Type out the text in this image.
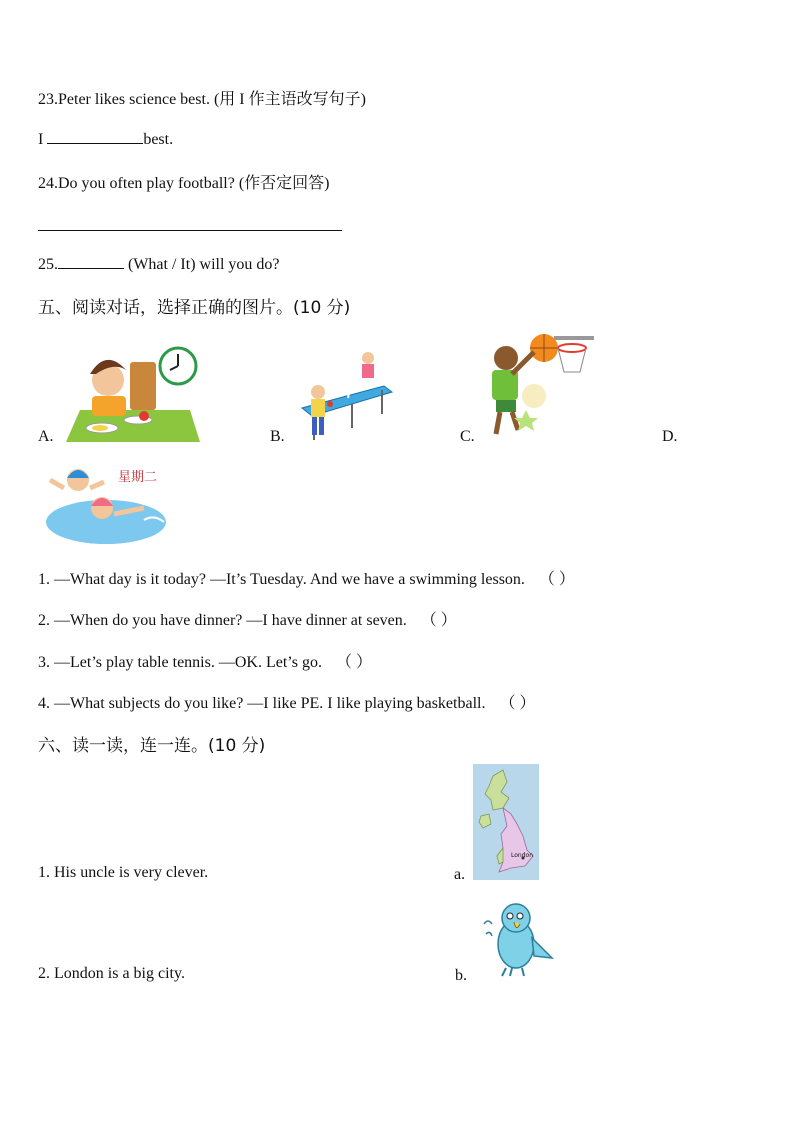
23.Peter likes science best. (用 I 作主语改写句子)
I	best.
24.Do you often play football? (作否定回答)
25.	(What / It) will you do?
五、阅读对话，选择正确的图片。(10 分)
A.	B.	C.	D.
星期二
1. —What day is it today? —It’s Tuesday. And we have a swimming lesson. （ ）
2. —When do you have dinner? —I have dinner at seven. （ ）
3. —Let’s play table tennis. —OK. Let’s go. （ ）
4. —What subjects do you like? —I like PE. I like playing basketball. （ ）
六、读一读，连一连。(10 分)
1. His uncle is very clever.	a.
London
2. London is a big city.	b.
